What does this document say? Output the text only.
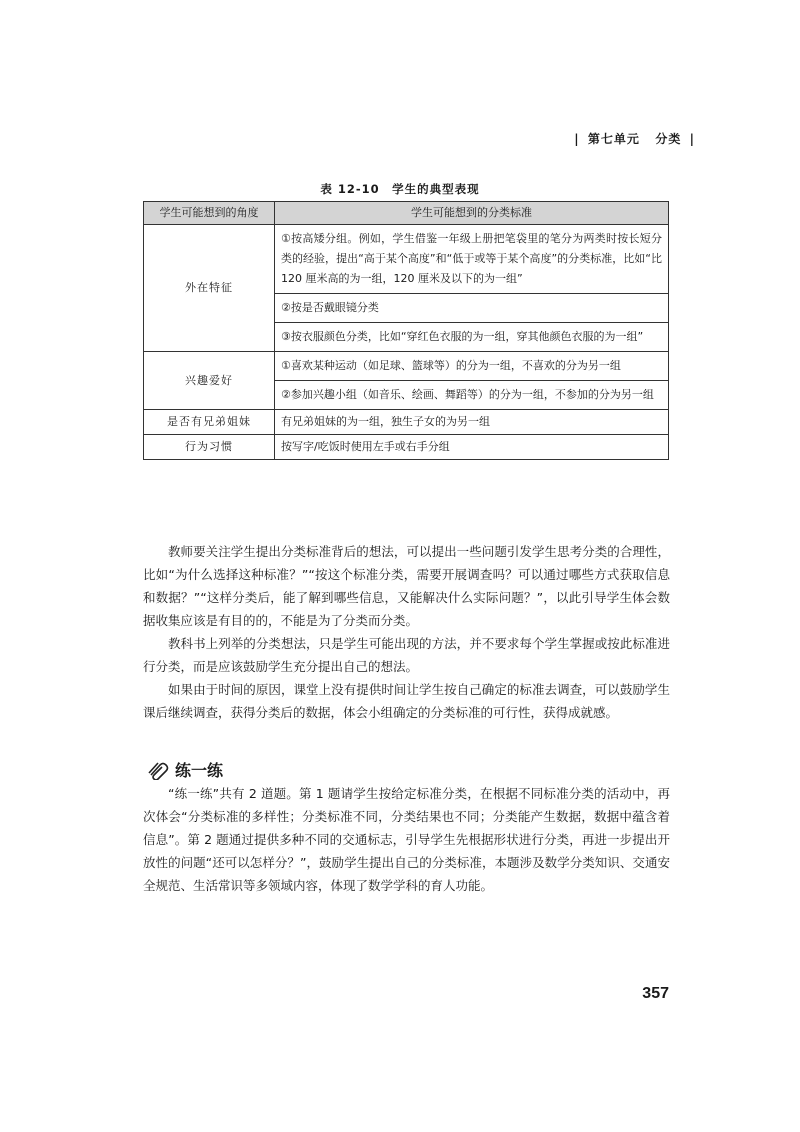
| 第七单元 分类 |
表 12-10　学生的典型表现
学生可能想到的角度	学生可能想到的分类标准
外在特征	①按高矮分组。例如，学生借鉴一年级上册把笔袋里的笔分为两类时按长短分类的经验，提出“高于某个高度”和“低于或等于某个高度”的分类标准，比如“比 120 厘米高的为一组，120 厘米及以下的为一组”
	②按是否戴眼镜分类
	③按衣服颜色分类，比如“穿红色衣服的为一组，穿其他颜色衣服的为一组”
兴趣爱好	①喜欢某种运动（如足球、篮球等）的分为一组，不喜欢的分为另一组
	②参加兴趣小组（如音乐、绘画、舞蹈等）的分为一组，不参加的分为另一组
是否有兄弟姐妹	有兄弟姐妹的为一组，独生子女的为另一组
行为习惯	按写字/吃饭时使用左手或右手分组

教师要关注学生提出分类标准背后的想法，可以提出一些问题引发学生思考分类的合理性，比如“为什么选择这种标准？”“按这个标准分类，需要开展调查吗？可以通过哪些方式获取信息和数据？”“这样分类后，能了解到哪些信息，又能解决什么实际问题？”，以此引导学生体会数据收集应该是有目的的，不能是为了分类而分类。

教科书上列举的分类想法，只是学生可能出现的方法，并不要求每个学生掌握或按此标准进行分类，而是应该鼓励学生充分提出自己的想法。

如果由于时间的原因，课堂上没有提供时间让学生按自己确定的标准去调查，可以鼓励学生课后继续调查，获得分类后的数据，体会小组确定的分类标准的可行性，获得成就感。

练一练

“练一练”共有 2 道题。第 1 题请学生按给定标准分类，在根据不同标准分类的活动中，再次体会“分类标准的多样性；分类标准不同，分类结果也不同；分类能产生数据，数据中蕴含着信息”。第 2 题通过提供多种不同的交通标志，引导学生先根据形状进行分类，再进一步提出开放性的问题“还可以怎样分？”，鼓励学生提出自己的分类标准，本题涉及数学分类知识、交通安全规范、生活常识等多领域内容，体现了数学学科的育人功能。

357
